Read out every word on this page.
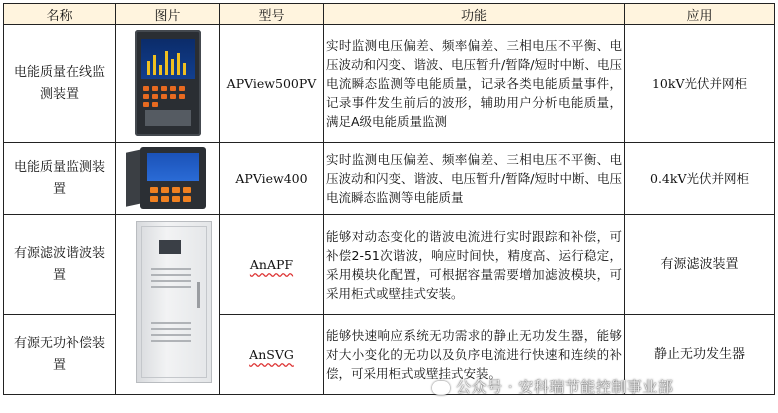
名称	图片	型号	功能	应用
电能质量在线监测装置		APView500PV	实时监测电压偏差、频率偏差、三相电压不平衡、电压波动和闪变、谐波、电压暂升/暂降/短时中断、电压电流瞬态监测等电能质量，记录各类电能质量事件，记录事件发生前后的波形，辅助用户分析电能质量，满足A级电能质量监测	10kV光伏并网柜
电能质量监测装置		APView400	实时监测电压偏差、频率偏差、三相电压不平衡、电压波动和闪变、谐波、电压暂升/暂降/短时中断、电压电流瞬态监测等电能质量	0.4kV光伏并网柜
有源滤波谐波装置		AnAPF	能够对动态变化的谐波电流进行实时跟踪和补偿，可补偿2-51次谐波，响应时间快，精度高、运行稳定，采用模块化配置，可根据容量需要增加滤波模块，可采用柜式或壁挂式安装。	有源滤波装置
有源无功补偿装置		AnSVG	能够快速响应系统无功需求的静止无功发生器，能够对大小变化的无功以及负序电流进行快速和连续的补偿，可采用柜式或壁挂式安装。	静止无功发生器
公众号 · 安科瑞节能控制事业部
